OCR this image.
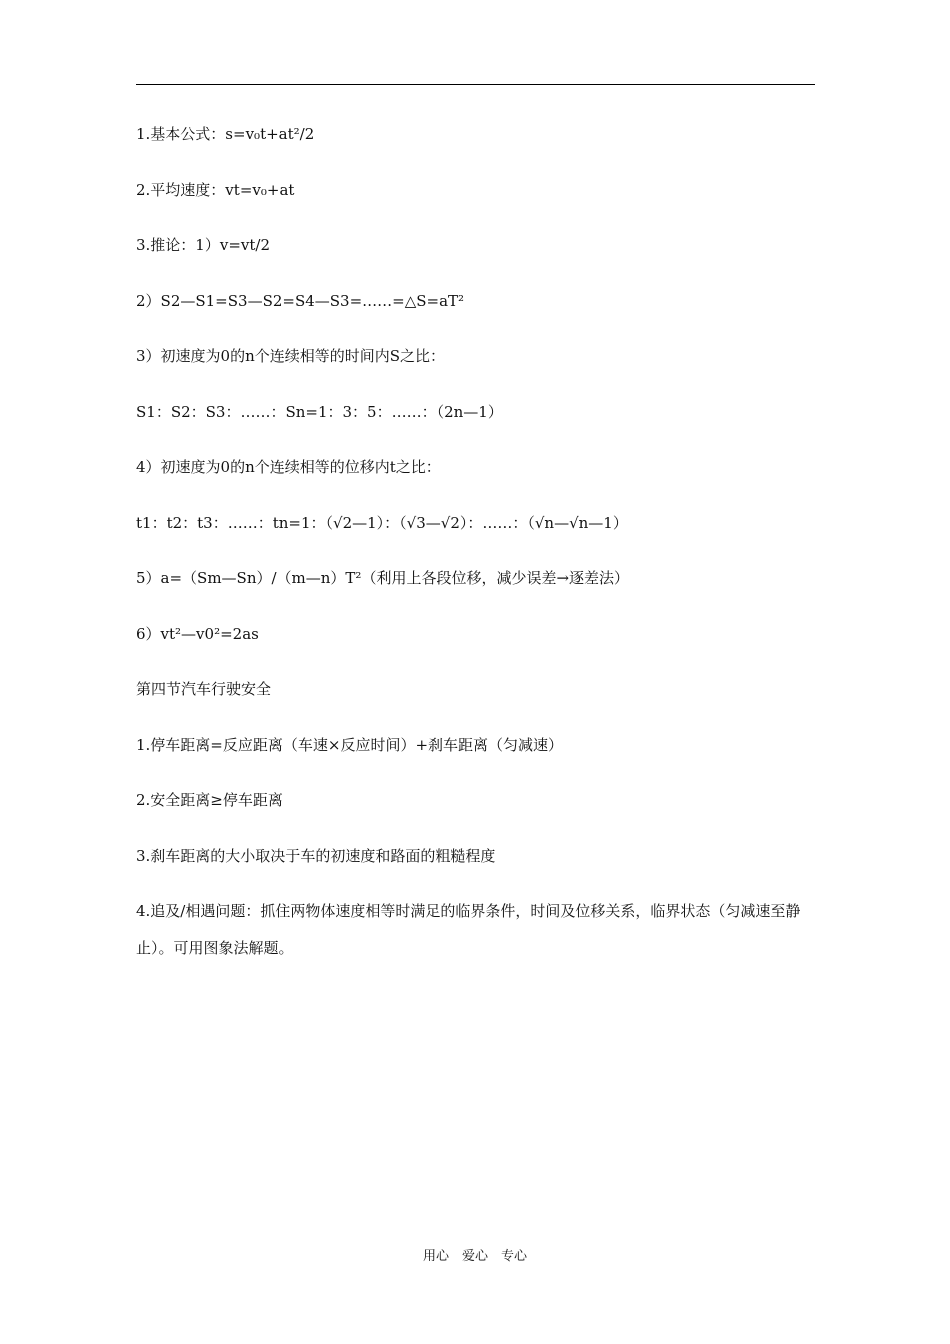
1.基本公式：s=v₀t+at²/2
2.平均速度：vt=v₀+at
3.推论：1）v=vt/2
2）S2—S1=S3—S2=S4—S3=……=△S=aT²
3）初速度为0的n个连续相等的时间内S之比：
S1：S2：S3：……：Sn=1：3：5：……：（2n—1）
4）初速度为0的n个连续相等的位移内t之比：
t1：t2：t3：……：tn=1：（√2—1）：（√3—√2）：……：（√n—√n—1）
5）a=（Sm—Sn）/（m—n）T²（利用上各段位移，减少误差→逐差法）
6）vt²—v0²=2as
第四节汽车行驶安全
1.停车距离=反应距离（车速×反应时间）+刹车距离（匀减速）
2.安全距离≥停车距离
3.刹车距离的大小取决于车的初速度和路面的粗糙程度
4.追及/相遇问题：抓住两物体速度相等时满足的临界条件，时间及位移关系，临界状态（匀减速至静止）。可用图象法解题。
用心　爱心　专心
